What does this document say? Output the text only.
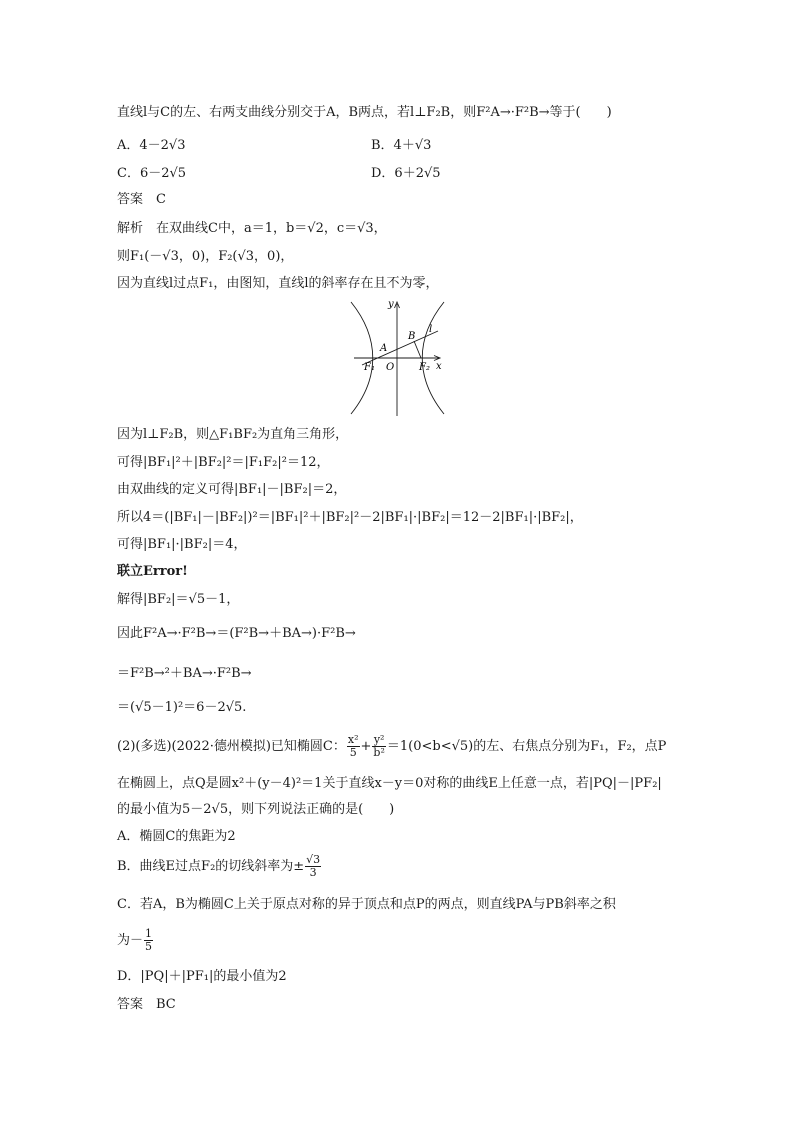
直线l与C的左、右两支曲线分别交于A，B两点，若l⊥F₂B，则F²A→·F²B→等于(　　)
A．4－2√3	B．4＋√3
C．6－2√5	D．6＋2√5
答案　C
解析　在双曲线C中，a＝1，b＝√2，c＝√3，
则F₁(－√3，0)，F₂(√3，0)，
因为直线l过点F₁，由图知，直线l的斜率存在且不为零，
y
x
A
B
l
F₁ O F₂
因为l⊥F₂B，则△F₁BF₂为直角三角形，
可得|BF₁|²＋|BF₂|²＝|F₁F₂|²＝12，
由双曲线的定义可得|BF₁|－|BF₂|＝2，
所以4＝(|BF₁|－|BF₂|)²＝|BF₁|²＋|BF₂|²－2|BF₁|·|BF₂|＝12－2|BF₁|·|BF₂|，
可得|BF₁|·|BF₂|＝4，
联立Error!
解得|BF₂|＝√5－1，
因此F²A→·F²B→＝(F²B→＋BA→)·F²B→
＝F²B→²＋BA→·F²B→
＝(√5－1)²＝6－2√5.
(2)(多选)(2022·德州模拟)已知椭圆C： $\frac{\text{x²}}{5} + \frac{\text{y²}}{\text{b²}} =1(0<b<√5)$的左、右焦点分别为F₁，F₂，点P
在椭圆上，点Q是圆x²＋(y－4)²＝1关于直线x－y＝0对称的曲线E上任意一点，若|PQ|－|PF₂|
的最小值为5－2√5，则下列说法正确的是(　　)
A．椭圆C的焦距为2
B．曲线E过点F₂的切线斜率为± $\frac{√3}{3}$
C．若A，B为椭圆C上关于原点对称的异于顶点和点P的两点，则直线PA与PB斜率之积
为－ $\frac{1}{5}$
D．|PQ|＋|PF₁|的最小值为2
答案　BC
